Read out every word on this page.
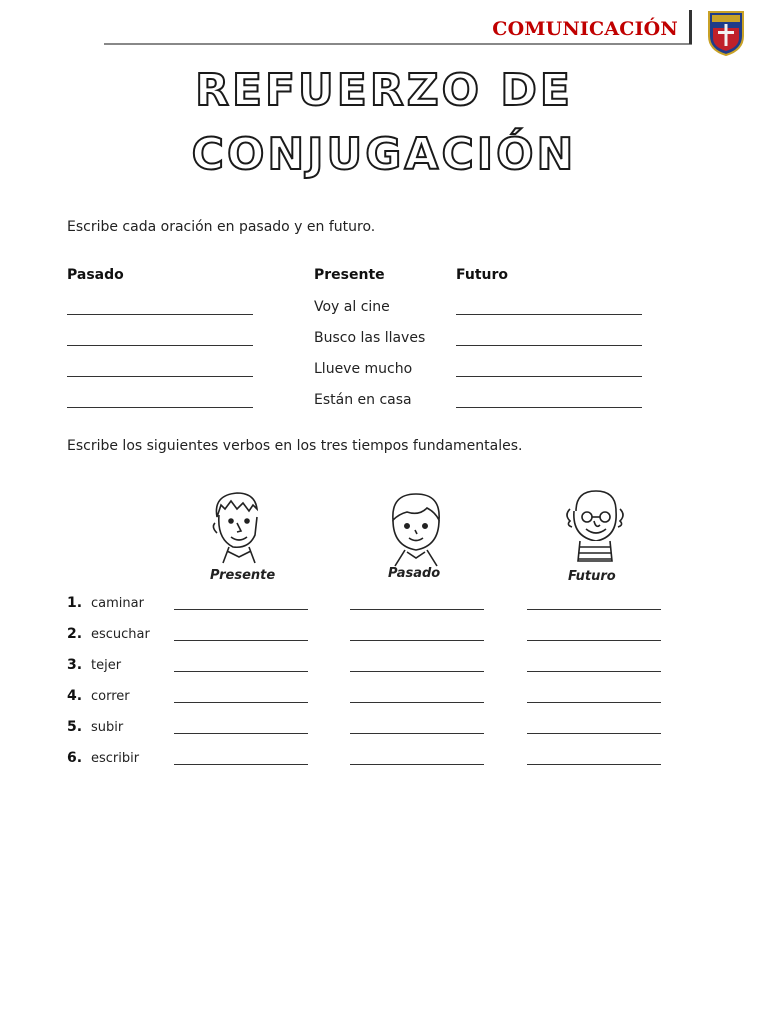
COMUNICACIÓN
REFUERZO DE
CONJUGACIÓN
Escribe cada oración en pasado y en futuro.
Pasado	Presente	Futuro
Voy al cine
Busco las llaves
Llueve mucho
Están en casa
Escribe los siguientes verbos en los tres tiempos fundamentales.
Presente	Pasado	Futuro
1. caminar
2. escuchar
3. tejer
4. correr
5. subir
6. escribir
